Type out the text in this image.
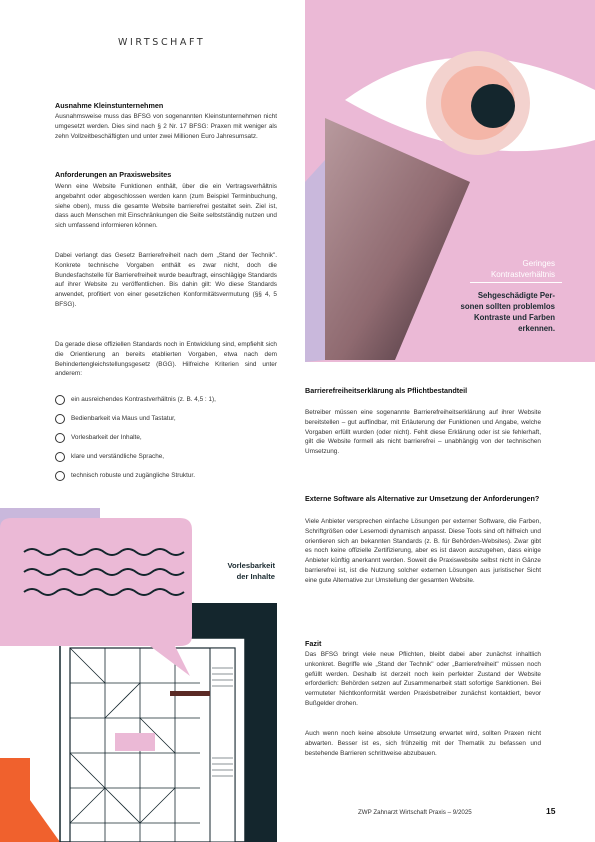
WIRTSCHAFT
Geringes
Kontrastverhältnis
Sehgeschädigte Per-
sonen sollten problemlos
Kontraste und Farben
erkennen.
Ausnahme Kleinstunternehmen
Ausnahmsweise muss das BFSG von sogenannten Kleinstunternehmen nicht umgesetzt werden. Dies sind nach § 2 Nr. 17 BFSG: Praxen mit weniger als zehn Vollzeitbeschäftigten und unter zwei Millionen Euro Jahresumsatz.
Anforderungen an Praxiswebsites
Wenn eine Website Funktionen enthält, über die ein Vertragsverhältnis angebahnt oder abgeschlossen werden kann (zum Beispiel Terminbuchung, siehe oben), muss die gesamte Website barrierefrei gestaltet sein. Ziel ist, dass auch Menschen mit Einschränkungen die Seite selbstständig nutzen und sich umfassend informieren können.
Dabei verlangt das Gesetz Barrierefreiheit nach dem „Stand der Technik". Konkrete technische Vorgaben enthält es zwar nicht, doch die Bundesfachstelle für Barrierefreiheit wurde beauftragt, einschlägige Standards auf ihrer Website zu veröffentlichen. Bis dahin gilt: Wo diese Standards anwendet, profitiert von einer gesetzlichen Konformitätsvermutung (§§ 4, 5 BFSG).
Da gerade diese offiziellen Standards noch in Entwicklung sind, empfiehlt sich die Orientierung an bereits etablierten Vorgaben, etwa nach dem Behindertengleichstellungsgesetz (BGG). Hilfreiche Kriterien sind unter anderem:
ein ausreichendes Kontrastverhältnis (z. B. 4,5 : 1),
Bedienbarkeit via Maus und Tastatur,
Vorlesbarkeit der Inhalte,
klare und verständliche Sprache,
technisch robuste und zugängliche Struktur.
Vorlesbarkeit
der Inhalte
Barrierefreiheitserklärung als Pflichtbestandteil
Betreiber müssen eine sogenannte Barrierefreiheitserklärung auf ihrer Website bereitstellen – gut auffindbar, mit Erläuterung der Funktionen und Angabe, welche Vorgaben erfüllt wurden (oder nicht). Fehlt diese Erklärung oder ist sie fehlerhaft, gilt die Website formell als nicht barrierefrei – unabhängig von der technischen Umsetzung.
Externe Software als Alternative zur Umsetzung der Anforderungen?
Viele Anbieter versprechen einfache Lösungen per externer Software, die Farben, Schriftgrößen oder Lesemodi dynamisch anpasst. Diese Tools sind oft hilfreich und orientieren sich an bekannten Standards (z. B. für Behörden-Websites). Zwar gibt es noch keine offizielle Zertifizierung, aber es ist davon auszugehen, dass einige Anbieter künftig anerkannt werden. Soweit die Praxiswebsite selbst nicht in Gänze barrierefrei ist, ist die Nutzung solcher externen Lösungen aus juristischer Sicht eine gute Alternative zur Umstellung der gesamten Website.
Fazit
Das BFSG bringt viele neue Pflichten, bleibt dabei aber zunächst inhaltlich unkonkret. Begriffe wie „Stand der Technik" oder „Barrierefreiheit" müssen noch gefüllt werden. Deshalb ist derzeit noch kein perfekter Zustand der Website erforderlich: Behörden setzen auf Zusammenarbeit statt sofortige Sanktionen. Bei vermuteter Nichtkonformität werden Praxisbetreiber zunächst kontaktiert, bevor Bußgelder drohen.
Auch wenn noch keine absolute Umsetzung erwartet wird, sollten Praxen nicht abwarten. Besser ist es, sich frühzeitig mit der Thematik zu befassen und bestehende Barrieren schrittweise abzubauen.
ZWP Zahnarzt Wirtschaft Praxis – 9/2025	15
